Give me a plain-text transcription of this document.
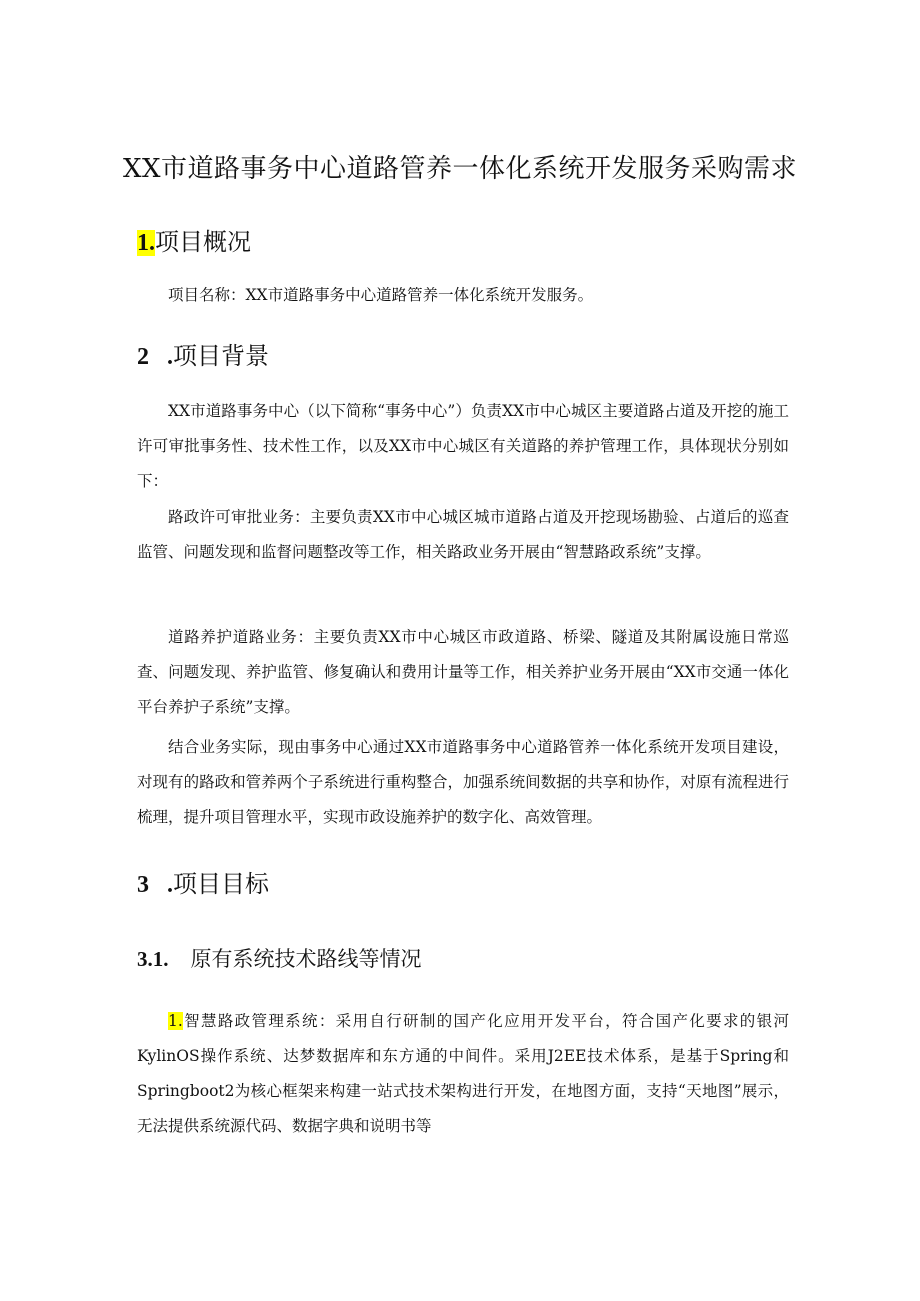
XX市道路事务中心道路管养一体化系统开发服务采购需求
1.项目概况
项目名称：XX市道路事务中心道路管养一体化系统开发服务。
2 .项目背景
XX市道路事务中心（以下简称“事务中心”）负责XX市中心城区主要道路占道及开挖的施工许可审批事务性、技术性工作，以及XX市中心城区有关道路的养护管理工作，具体现状分别如下：
路政许可审批业务：主要负责XX市中心城区城市道路占道及开挖现场勘验、占道后的巡查监管、问题发现和监督问题整改等工作，相关路政业务开展由“智慧路政系统”支撑。
道路养护道路业务：主要负责XX市中心城区市政道路、桥梁、隧道及其附属设施日常巡查、问题发现、养护监管、修复确认和费用计量等工作，相关养护业务开展由“XX市交通一体化平台养护子系统”支撑。
结合业务实际，现由事务中心通过XX市道路事务中心道路管养一体化系统开发项目建设，对现有的路政和管养两个子系统进行重构整合，加强系统间数据的共享和协作，对原有流程进行梳理，提升项目管理水平，实现市政设施养护的数字化、高效管理。
3 .项目目标
3.1. 原有系统技术路线等情况
1.智慧路政管理系统：采用自行研制的国产化应用开发平台，符合国产化要求的银河KylinOS操作系统、达梦数据库和东方通的中间件。采用J2EE技术体系，是基于Spring和Springboot2为核心框架来构建一站式技术架构进行开发，在地图方面，支持“天地图”展示，无法提供系统源代码、数据字典和说明书等
